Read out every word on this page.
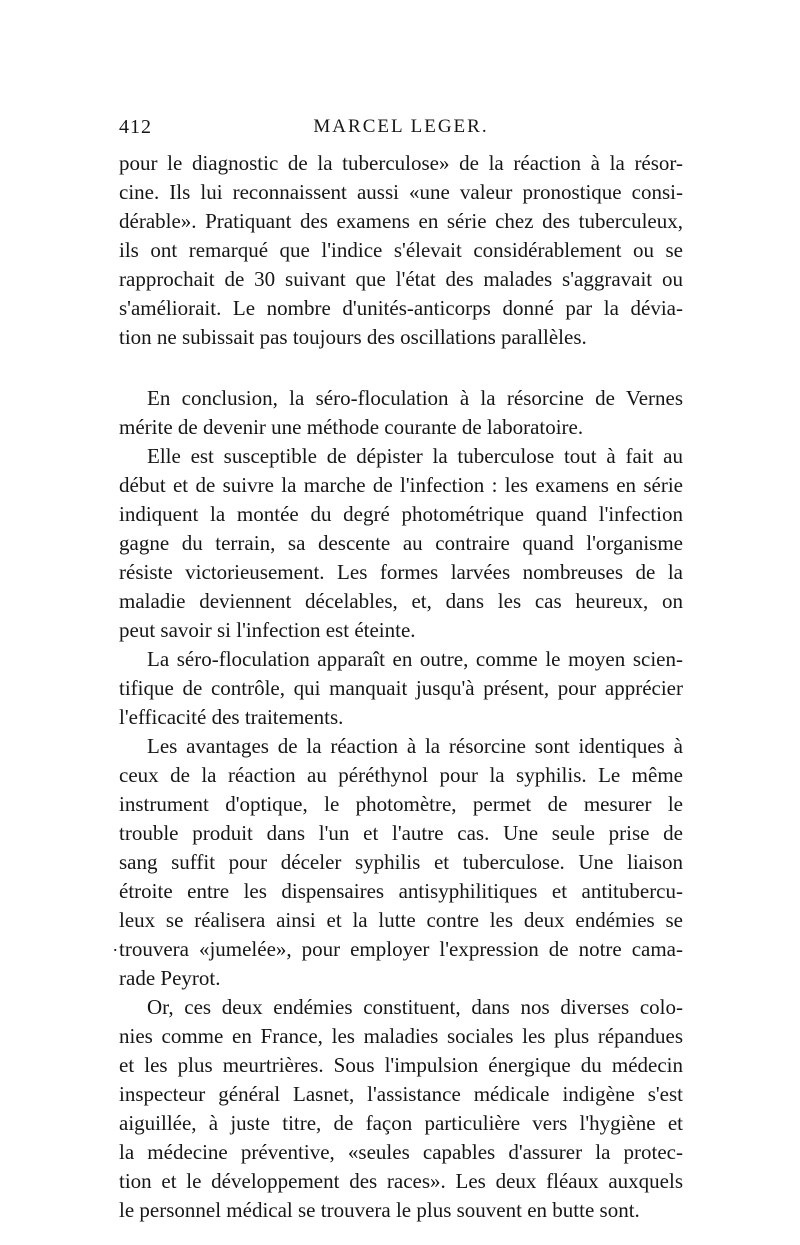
412	MARCEL LEGER.
.
pour le diagnostic de la tuberculose» de la réaction à la résor-
cine. Ils lui reconnaissent aussi «une valeur pronostique consi-
dérable». Pratiquant des examens en série chez des tuberculeux,
ils ont remarqué que l'indice s'élevait considérablement ou se
rapprochait de 30 suivant que l'état des malades s'aggravait ou
s'améliorait. Le nombre d'unités-anticorps donné par la dévia-
tion ne subissait pas toujours des oscillations parallèles.
En conclusion, la séro-floculation à la résorcine de Vernes
mérite de devenir une méthode courante de laboratoire.
Elle est susceptible de dépister la tuberculose tout à fait au
début et de suivre la marche de l'infection : les examens en série
indiquent la montée du degré photométrique quand l'infection
gagne du terrain, sa descente au contraire quand l'organisme
résiste victorieusement. Les formes larvées nombreuses de la
maladie deviennent décelables, et, dans les cas heureux, on
peut savoir si l'infection est éteinte.
La séro-floculation apparaît en outre, comme le moyen scien-
tifique de contrôle, qui manquait jusqu'à présent, pour apprécier
l'efficacité des traitements.
Les avantages de la réaction à la résorcine sont identiques à
ceux de la réaction au péréthynol pour la syphilis. Le même
instrument d'optique, le photomètre, permet de mesurer le
trouble produit dans l'un et l'autre cas. Une seule prise de
sang suffit pour déceler syphilis et tuberculose. Une liaison
étroite entre les dispensaires antisyphilitiques et antitubercu-
leux se réalisera ainsi et la lutte contre les deux endémies se
trouvera «jumelée», pour employer l'expression de notre cama-
rade Peyrot.
Or, ces deux endémies constituent, dans nos diverses colo-
nies comme en France, les maladies sociales les plus répandues
et les plus meurtrières. Sous l'impulsion énergique du médecin
inspecteur général Lasnet, l'assistance médicale indigène s'est
aiguillée, à juste titre, de façon particulière vers l'hygiène et
la médecine préventive, «seules capables d'assurer la protec-
tion et le développement des races». Les deux fléaux auxquels
le personnel médical se trouvera le plus souvent en butte sont.
